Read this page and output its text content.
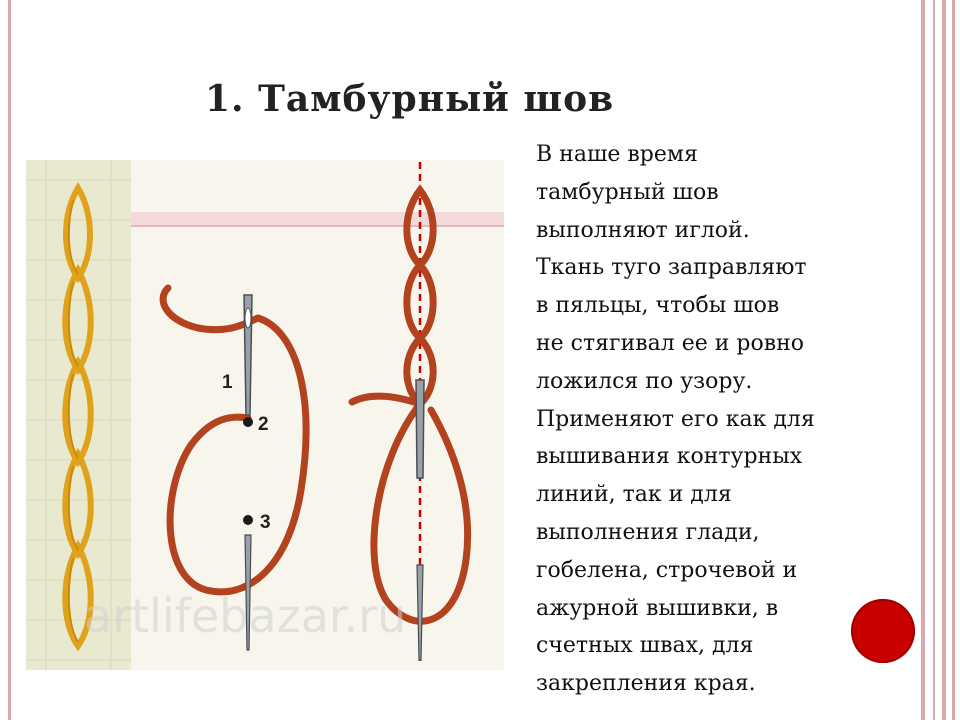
1. Тамбурный шов
1
2
3
artlifebazar.ru

В наше время
тамбурный шов
выполняют иглой.
Ткань туго заправляют
в пяльцы, чтобы шов
не стягивал ее и ровно
ложился по узору.
Применяют его как для
вышивания контурных
линий, так и для
выполнения глади,
гобелена, строчевой и
ажурной вышивки, в
счетных швах, для
закрепления края.
